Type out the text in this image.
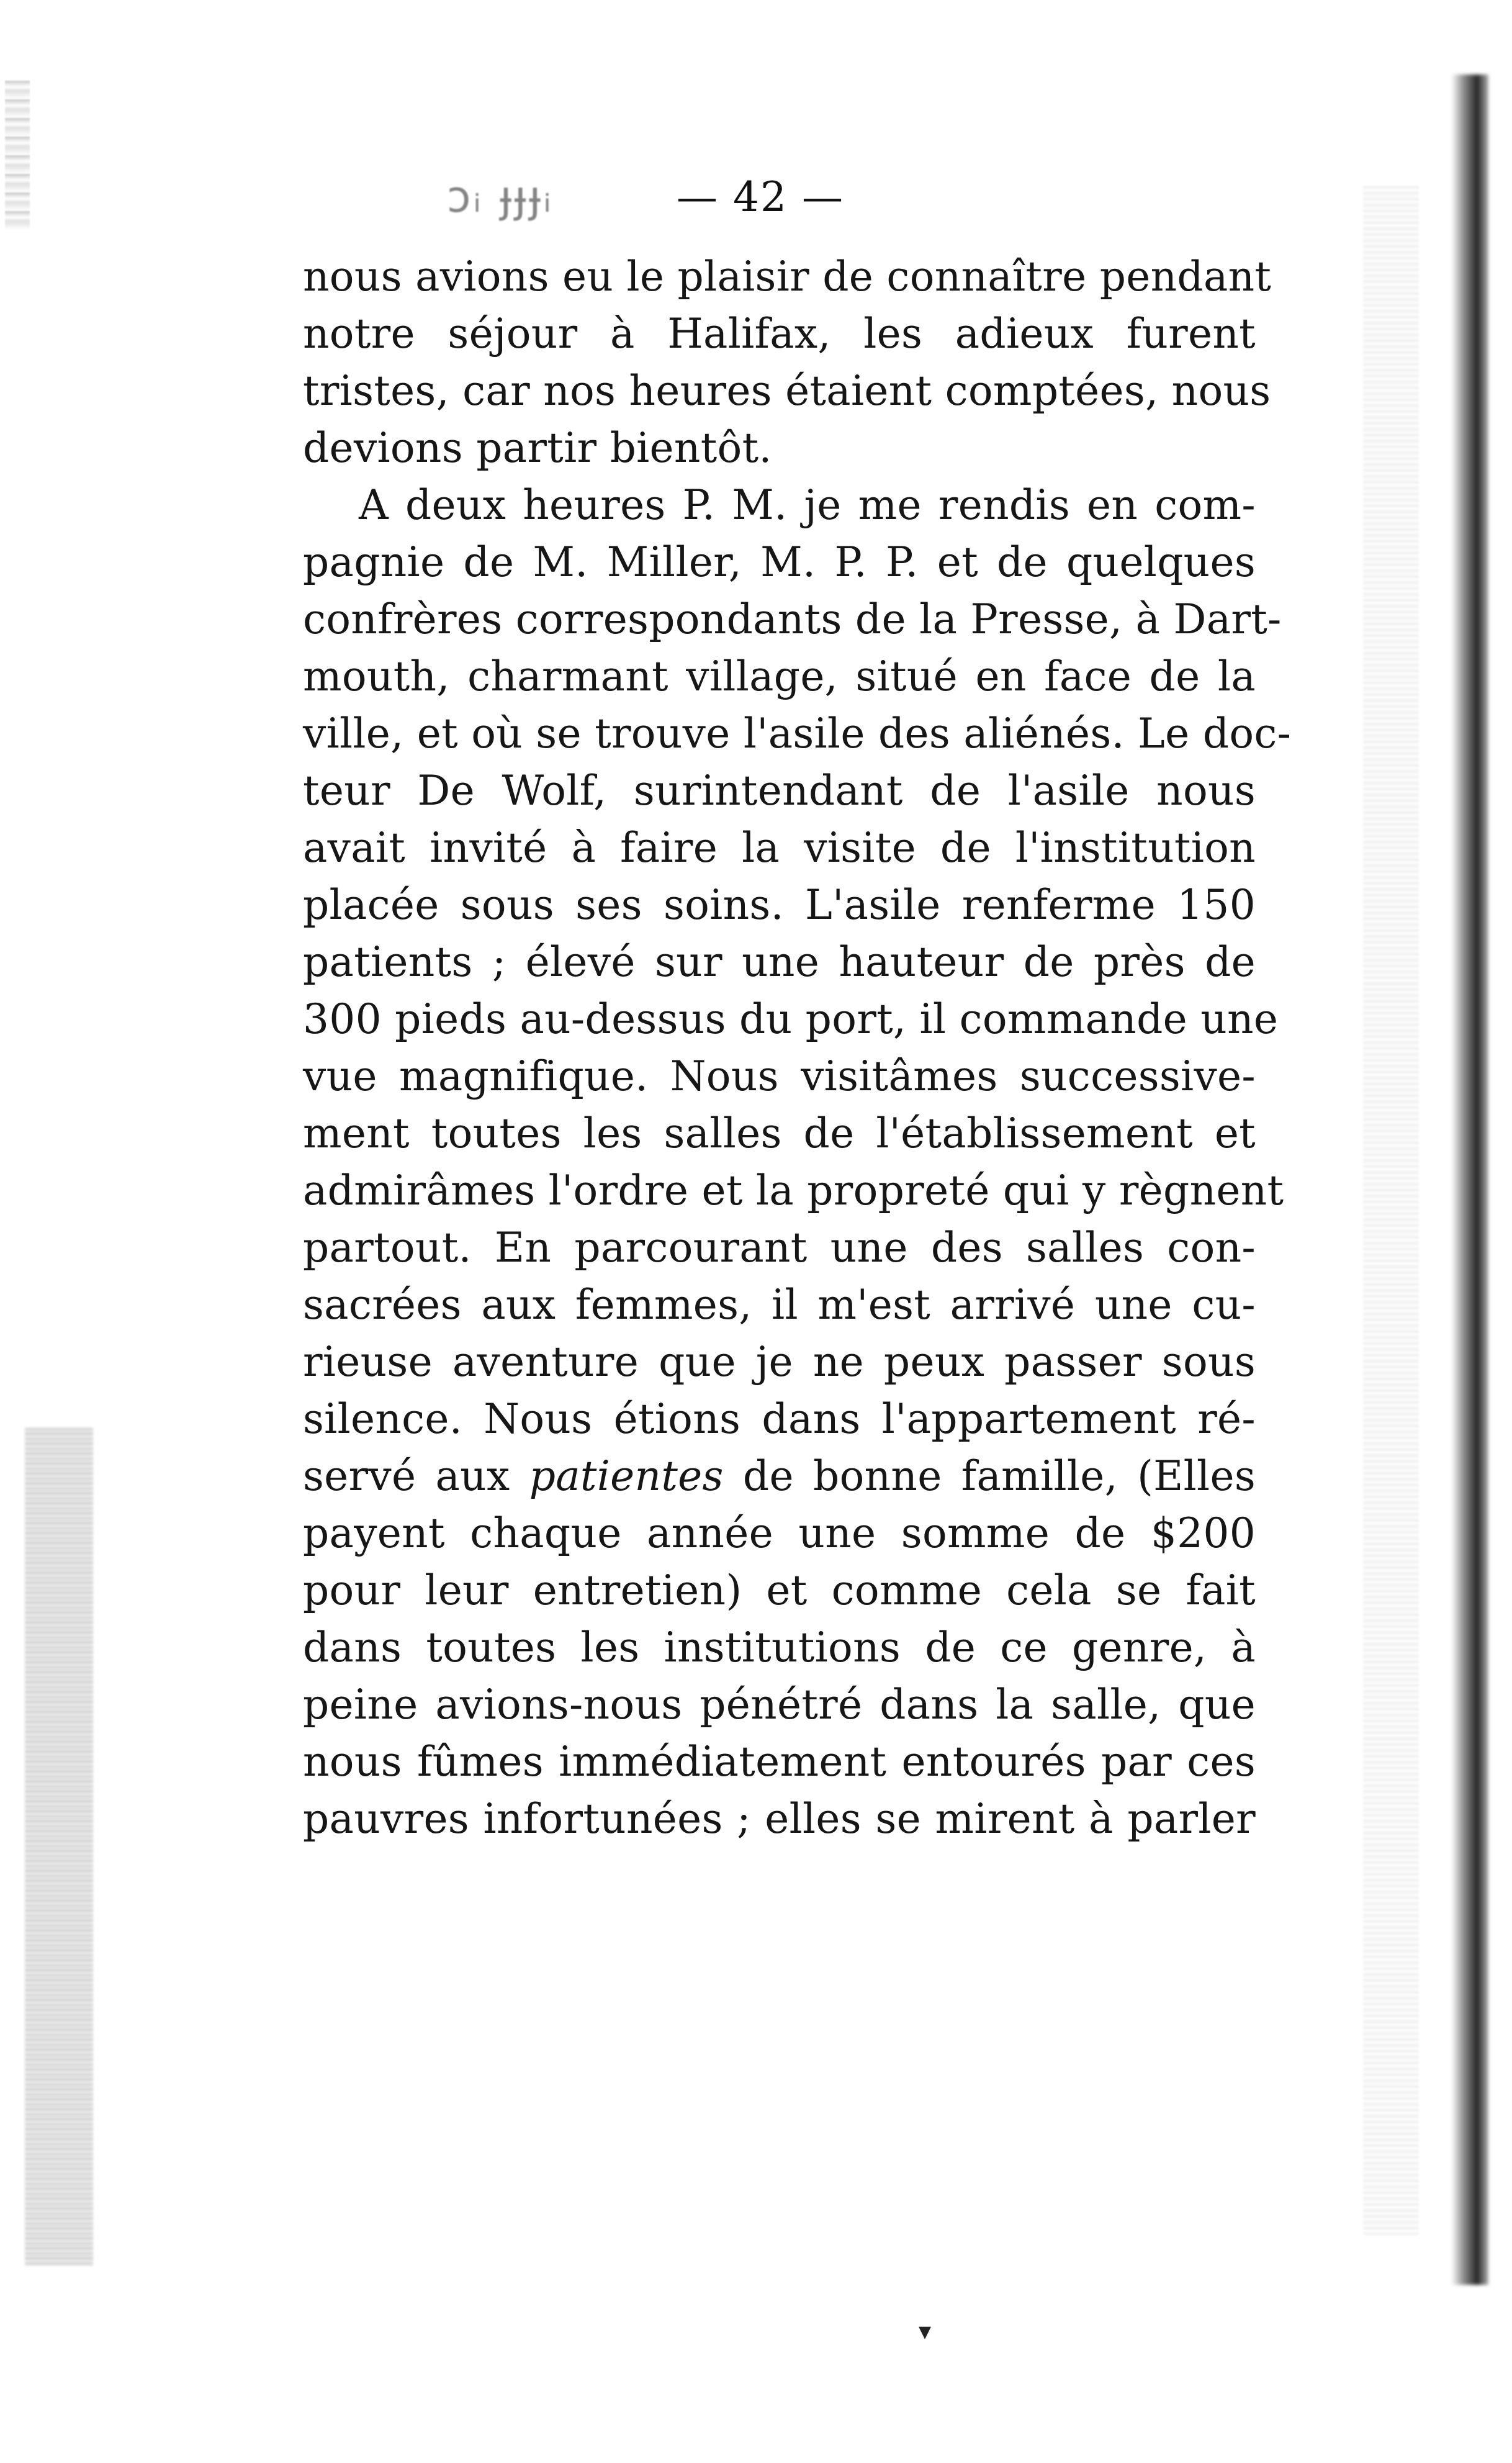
ↄᵢ ɟɟɟᵢ	— 42 —
nous avions eu le plaisir de connaître pendant
notre séjour à Halifax, les adieux furent
tristes, car nos heures étaient comptées, nous
devions partir bientôt.
A deux heures P. M. je me rendis en com-
pagnie de M. Miller, M. P. P. et de quelques
confrères correspondants de la Presse, à Dart-
mouth, charmant village, situé en face de la
ville, et où se trouve l'asile des aliénés. Le doc-
teur De Wolf, surintendant de l'asile nous
avait invité à faire la visite de l'institution
placée sous ses soins. L'asile renferme 150
patients ; élevé sur une hauteur de près de
300 pieds au-dessus du port, il commande une
vue magnifique. Nous visitâmes successive-
ment toutes les salles de l'établissement et
admirâmes l'ordre et la propreté qui y règnent
partout. En parcourant une des salles con-
sacrées aux femmes, il m'est arrivé une cu-
rieuse aventure que je ne peux passer sous
silence. Nous étions dans l'appartement ré-
servé aux patientes de bonne famille, (Elles
payent chaque année une somme de $200
pour leur entretien) et comme cela se fait
dans toutes les institutions de ce genre, à
peine avions-nous pénétré dans la salle, que
nous fûmes immédiatement entourés par ces
pauvres infortunées ; elles se mirent à parler
▾
